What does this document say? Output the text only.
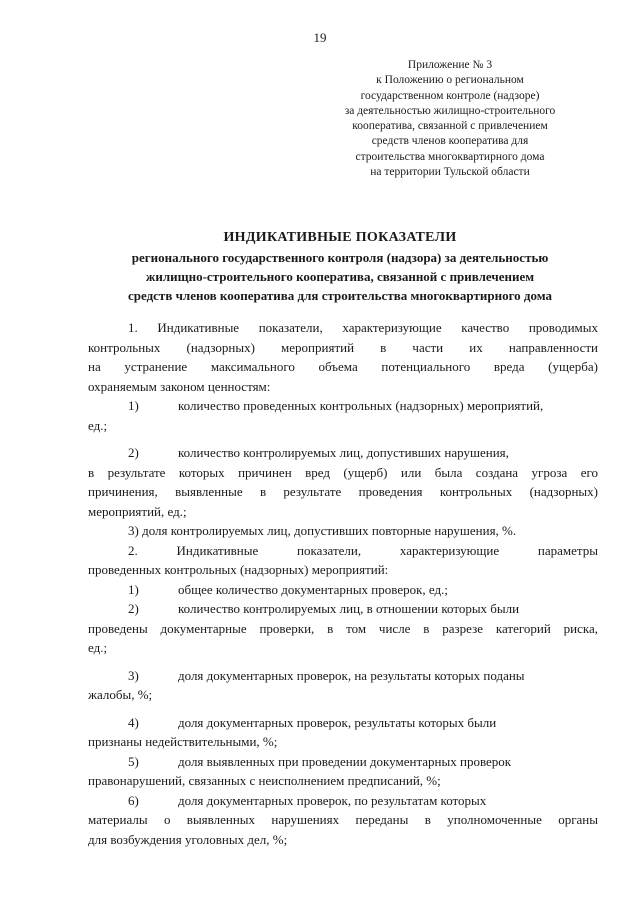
19
Приложение № 3
к Положению о региональном
государственном контроле (надзоре)
за деятельностью жилищно-строительного
кооператива, связанной с привлечением
средств членов кооператива для
строительства многоквартирного дома
на территории Тульской области
ИНДИКАТИВНЫЕ ПОКАЗАТЕЛИ
регионального государственного контроля (надзора) за деятельностью
жилищно-строительного кооператива, связанной с привлечением
средств членов кооператива для строительства многоквартирного дома
1. Индикативные показатели, характеризующие качество проводимых
контрольных (надзорных) мероприятий в части их направленности
на устранение максимального объема потенциального вреда (ущерба)
охраняемым законом ценностям:
1)	количество проведенных контрольных (надзорных) мероприятий,
ед.;
2)	количество контролируемых лиц, допустивших нарушения,
в результате которых причинен вред (ущерб) или была создана угроза его
причинения, выявленные в результате проведения контрольных (надзорных)
мероприятий, ед.;
3) доля контролируемых лиц, допустивших повторные нарушения, %.
2. Индикативные показатели, характеризующие параметры
проведенных контрольных (надзорных) мероприятий:
1)	общее количество документарных проверок, ед.;
2)	количество контролируемых лиц, в отношении которых были
проведены документарные проверки, в том числе в разрезе категорий риска,
ед.;
3)	доля документарных проверок, на результаты которых поданы
жалобы, %;
4)	доля документарных проверок, результаты которых были
признаны недействительными, %;
5)	доля выявленных при проведении документарных проверок
правонарушений, связанных с неисполнением предписаний, %;
6)	доля документарных проверок, по результатам которых
материалы о выявленных нарушениях переданы в уполномоченные органы
для возбуждения уголовных дел, %;
